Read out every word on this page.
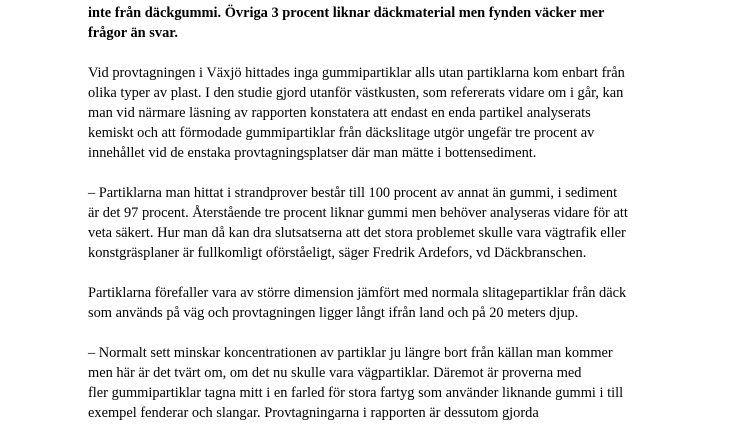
inte från däckgummi. Övriga 3 procent liknar däckmaterial men fynden väcker mer
frågor än svar.

Vid provtagningen i Växjö hittades inga gummipartiklar alls utan partiklarna kom enbart från
olika typer av plast. I den studie gjord utanför västkusten, som refererats vidare om i går, kan
man vid närmare läsning av rapporten konstatera att endast en enda partikel analyserats
kemiskt och att förmodade gummipartiklar från däckslitage utgör ungefär tre procent av
innehållet vid de enstaka provtagningsplatser där man mätte i bottensediment.

– Partiklarna man hittat i strandprover består till 100 procent av annat än gummi, i sediment
är det 97 procent. Återstående tre procent liknar gummi men behöver analyseras vidare för att
veta säkert. Hur man då kan dra slutsatserna att det stora problemet skulle vara vägtrafik eller
konstgräsplaner är fullkomligt oförståeligt, säger Fredrik Ardefors, vd Däckbranschen.

Partiklarna förefaller vara av större dimension jämfört med normala slitagepartiklar från däck
som används på väg och provtagningen ligger långt ifrån land och på 20 meters djup.

– Normalt sett minskar koncentrationen av partiklar ju längre bort från källan man kommer
men här är det tvärt om, om det nu skulle vara vägpartiklar. Däremot är proverna med
fler gummipartiklar tagna mitt i en farled för stora fartyg som använder liknande gummi i till
exempel fenderar och slangar. Provtagningarna i rapporten är dessutom gjorda
